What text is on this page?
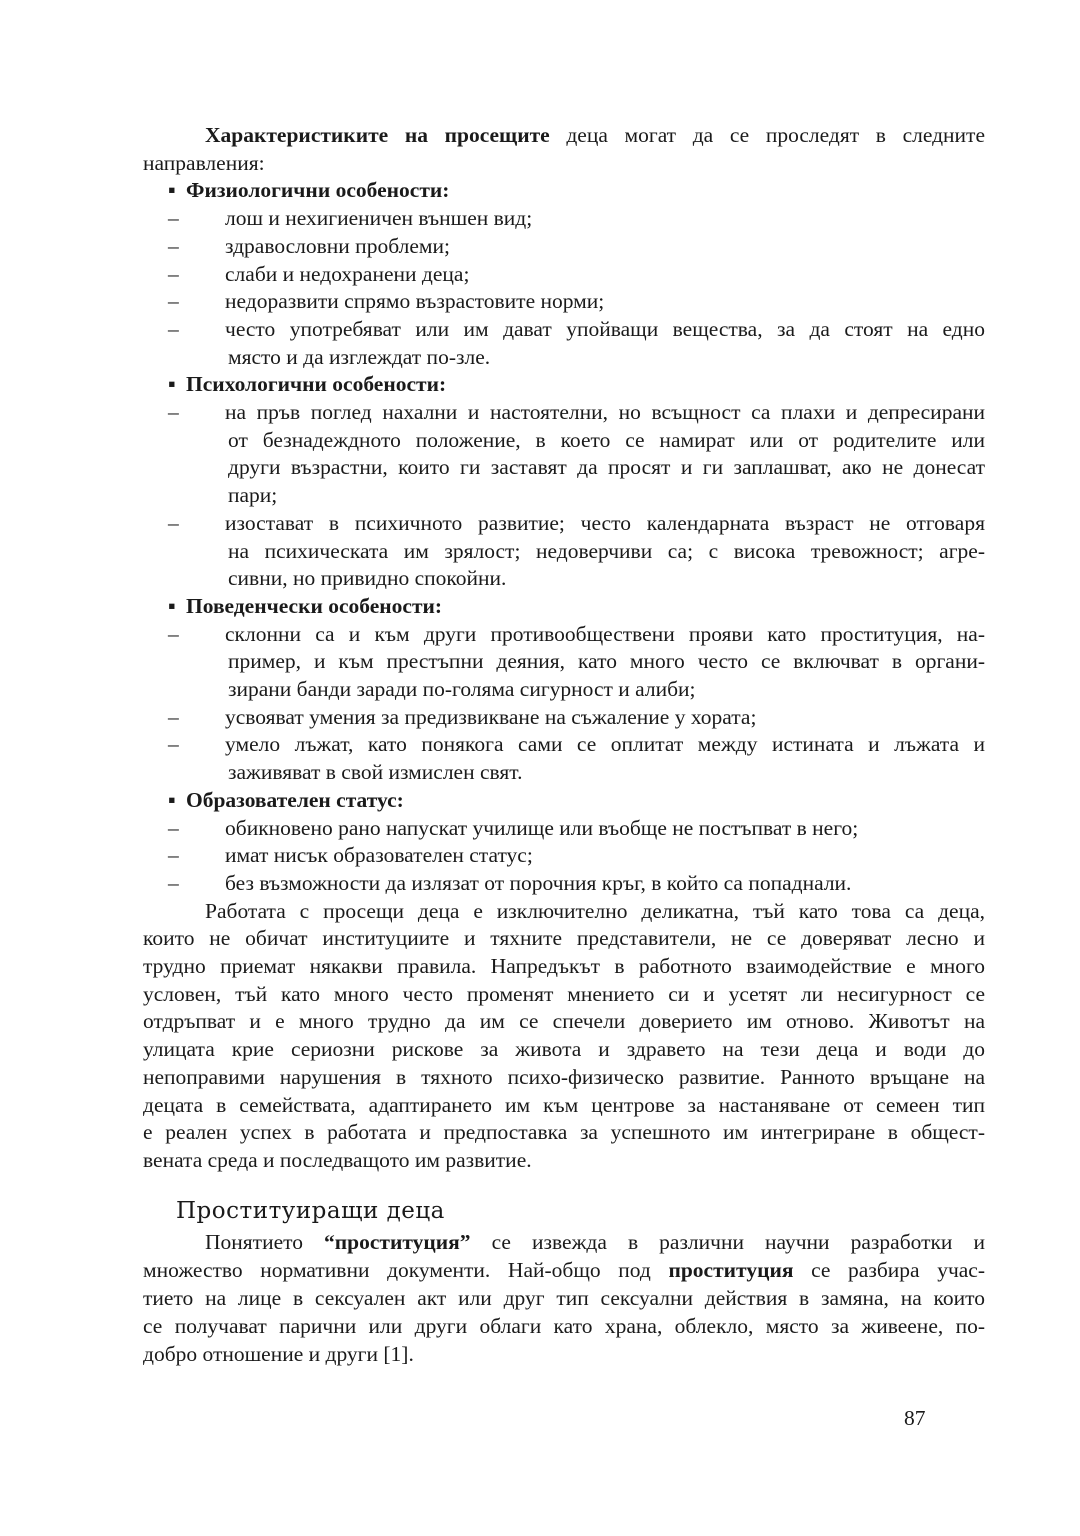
Характеристиките на просещите деца могат да се проследят в следните
направления:
▪ Физиологични особености:
– лош и нехигиеничен външен вид;
– здравословни проблеми;
– слаби и недохранени деца;
– недоразвити спрямо възрастовите норми;
– често употребяват или им дават упойващи вещества, за да стоят на едно
място и да изглеждат по-зле.
▪ Психологични особености:
– на пръв поглед нахални и настоятелни, но всъщност са плахи и депресирани
от безнадеждното положение, в което се намират или от родителите или
други възрастни, които ги заставят да просят и ги заплашват, ако не донесат
пари;
– изостават в психичното развитие; често календарната възраст не отговаря
на психическата им зрялост; недоверчиви са; с висока тревожност; агре-
сивни, но привидно спокойни.
▪ Поведенчески особености:
– склонни са и към други противообществени прояви като проституция, на-
пример, и към престъпни деяния, като много често се включват в органи-
зирани банди заради по-голяма сигурност и алиби;
– усвояват умения за предизвикване на съжаление у хората;
– умело лъжат, като понякога сами се оплитат между истината и лъжата и
заживяват в свой измислен свят.
▪ Образователен статус:
– обикновено рано напускат училище или въобще не постъпват в него;
– имат нисък образователен статус;
– без възможности да излязат от порочния кръг, в който са попаднали.
Работата с просещи деца е изключително деликатна, тъй като това са деца,
които не обичат институциите и тяхните представители, не се доверяват лесно и
трудно приемат някакви правила. Напредъкът в работното взаимодействие е много
условен, тъй като много често променят мнението си и усетят ли несигурност се
отдръпват и е много трудно да им се спечели доверието им отново. Животът на
улицата крие сериозни рискове за живота и здравето на тези деца и води до
непоправими нарушения в тяхното психо-физическо развитие. Ранното връщане на
децата в семействата, адаптирането им към центрове за настаняване от семеен тип
е реален успех в работата и предпоставка за успешното им интегриране в общест-
вената среда и последващото им развитие.
Проституиращи деца
Понятието “проституция” се извежда в различни научни разработки и
множество нормативни документи. Най-общо под проституция се разбира учас-
тието на лице в сексуален акт или друг тип сексуални действия в замяна, на които
се получават парични или други облаги като храна, облекло, място за живеене, по-
добро отношение и други [1].
87
